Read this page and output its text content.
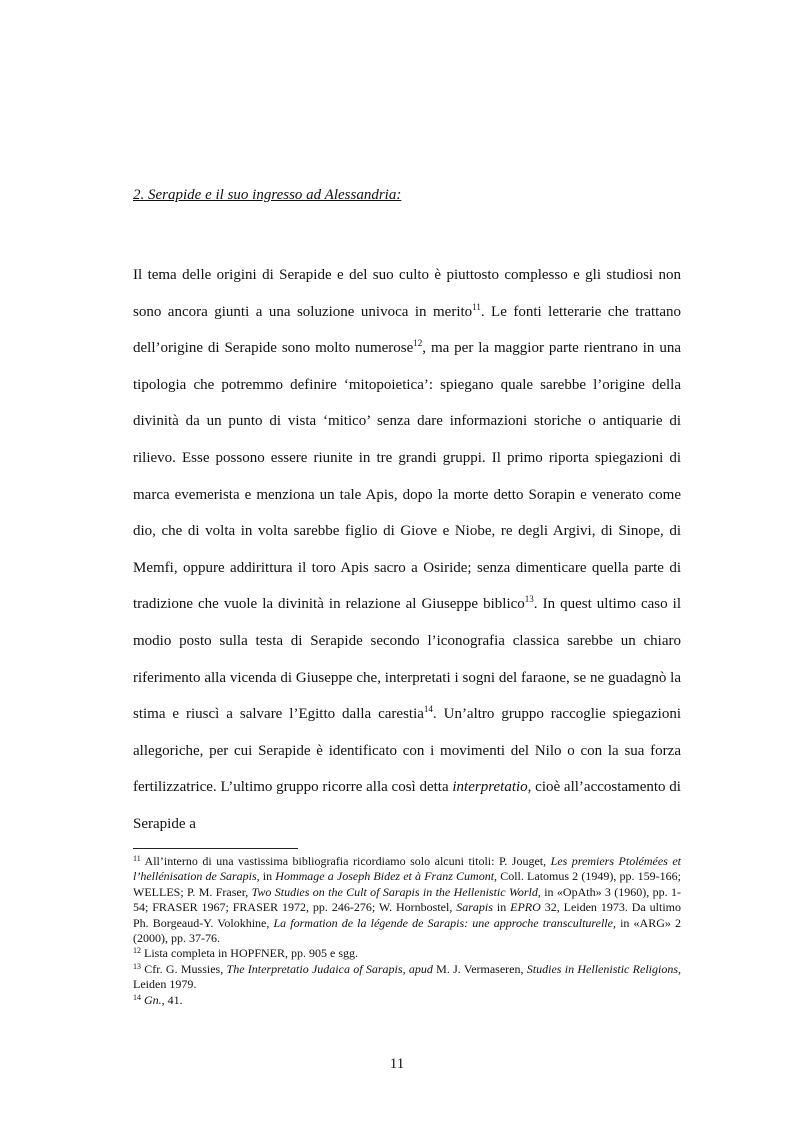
2. Serapide e il suo ingresso ad Alessandria:

Il tema delle origini di Serapide e del suo culto è piuttosto complesso e gli studiosi non sono ancora giunti a una soluzione univoca in merito$^{11}$. Le fonti letterarie che trattano dell’origine di Serapide sono molto numerose$^{12}$, ma per la maggior parte rientrano in una tipologia che potremmo definire ‘mitopoietica’: spiegano quale sarebbe l’origine della divinità da un punto di vista ‘mitico’ senza dare informazioni storiche o antiquarie di rilievo. Esse possono essere riunite in tre grandi gruppi. Il primo riporta spiegazioni di marca evemerista e menziona un tale Apis, dopo la morte detto Sorapin e venerato come dio, che di volta in volta sarebbe figlio di Giove e Niobe, re degli Argivi, di Sinope, di Memfi, oppure addirittura il toro Apis sacro a Osiride; senza dimenticare quella parte di tradizione che vuole la divinità in relazione al Giuseppe biblico$^{13}$. In quest ultimo caso il modio posto sulla testa di Serapide secondo l’iconografia classica sarebbe un chiaro riferimento alla vicenda di Giuseppe che, interpretati i sogni del faraone, se ne guadagnò la stima e riuscì a salvare l’Egitto dalla carestia$^{14}$. Un’altro gruppo raccoglie spiegazioni allegoriche, per cui Serapide è identificato con i movimenti del Nilo o con la sua forza fertilizzatrice. L’ultimo gruppo ricorre alla così detta interpretatio, cioè all’accostamento di Serapide a

$^{11}$ All’interno di una vastissima bibliografia ricordiamo solo alcuni titoli: P. Jouget, Les premiers Ptolémées et l’hellénisation de Sarapis, in Hommage a Joseph Bidez et à Franz Cumont, Coll. Latomus 2 (1949), pp. 159-166; WELLES; P. M. Fraser, Two Studies on the Cult of Sarapis in the Hellenistic World, in «OpAth» 3 (1960), pp. 1-54; FRASER 1967; FRASER 1972, pp. 246-276; W. Hornbostel, Sarapis in EPRO 32, Leiden 1973. Da ultimo Ph. Borgeaud-Y. Volokhine, La formation de la légende de Sarapis: une approche transculturelle, in «ARG» 2 (2000), pp. 37-76.

$^{12}$ Lista completa in HOPFNER, pp. 905 e sgg.

$^{13}$ Cfr. G. Mussies, The Interpretatio Judaica of Sarapis, apud M. J. Vermaseren, Studies in Hellenistic Religions, Leiden 1979.

$^{14}$ Gn., 41.

11
